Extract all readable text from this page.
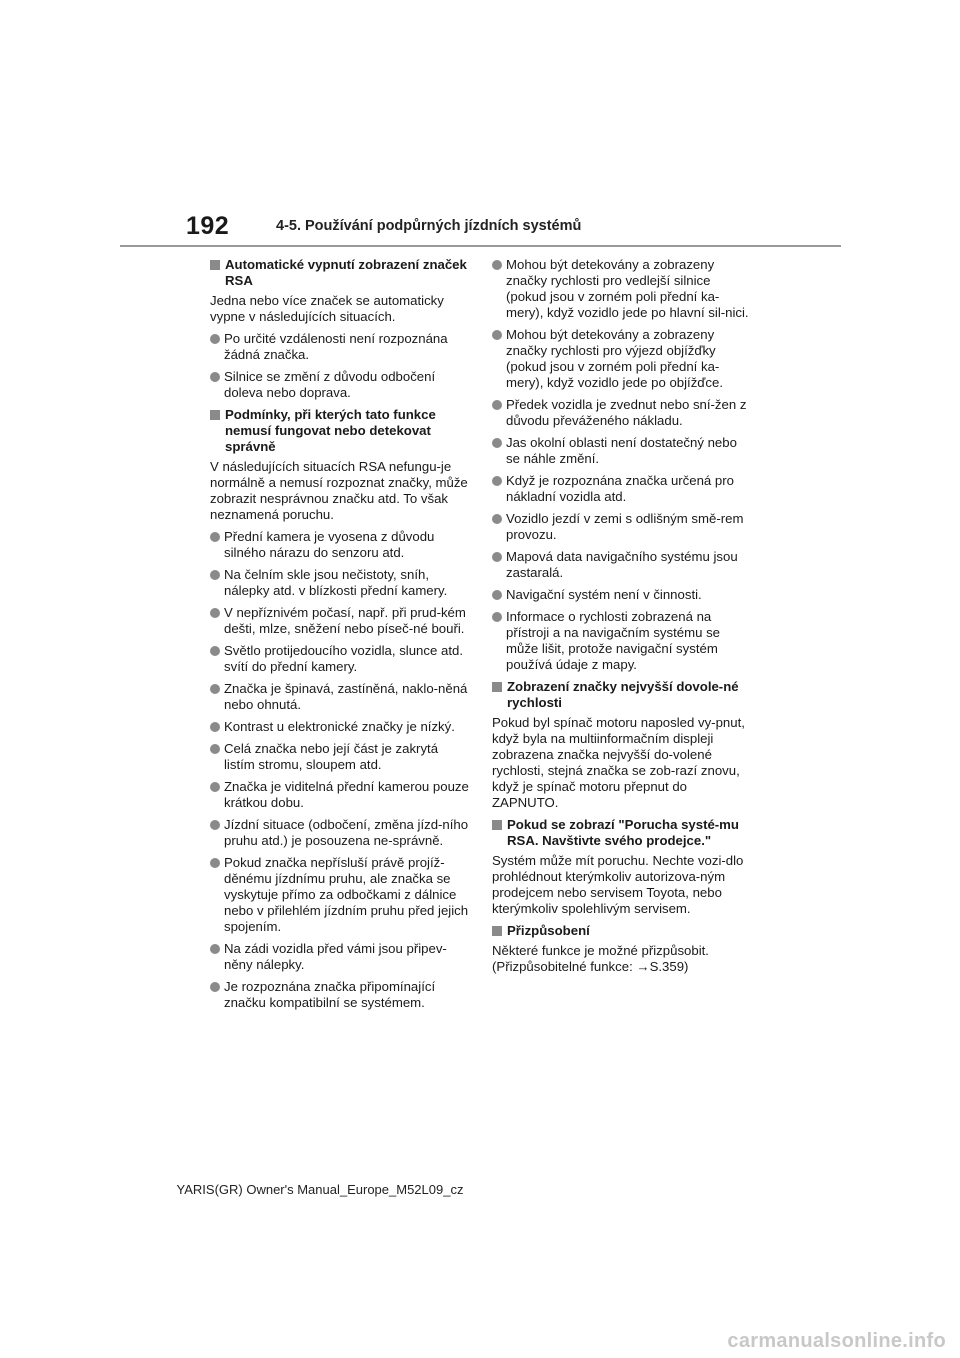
192	4-5. Používání podpůrných jízdních systémů
Automatické vypnutí zobrazení značek RSA
Jedna nebo více značek se automaticky vypne v následujících situacích.
Po určité vzdálenosti není rozpoznána žádná značka.
Silnice se změní z důvodu odbočení doleva nebo doprava.
Podmínky, při kterých tato funkce nemusí fungovat nebo detekovat správně
V následujících situacích RSA nefungu-je normálně a nemusí rozpoznat značky, může zobrazit nesprávnou značku atd. To však neznamená poruchu.
Přední kamera je vyosena z důvodu silného nárazu do senzoru atd.
Na čelním skle jsou nečistoty, sníh, nálepky atd. v blízkosti přední kamery.
V nepříznivém počasí, např. při prud-kém dešti, mlze, sněžení nebo píseč-né bouři.
Světlo protijedoucího vozidla, slunce atd. svítí do přední kamery.
Značka je špinavá, zastíněná, naklo-něná nebo ohnutá.
Kontrast u elektronické značky je nízký.
Celá značka nebo její část je zakrytá listím stromu, sloupem atd.
Značka je viditelná přední kamerou pouze krátkou dobu.
Jízdní situace (odbočení, změna jízd-ního pruhu atd.) je posouzena ne-správně.
Pokud značka nepřísluší právě projíž-děnému jízdnímu pruhu, ale značka se vyskytuje přímo za odbočkami z dálnice nebo v přilehlém jízdním pruhu před jejich spojením.
Na zádi vozidla před vámi jsou připev-něny nálepky.
Je rozpoznána značka připomínající značku kompatibilní se systémem.
Mohou být detekovány a zobrazeny značky rychlosti pro vedlejší silnice (pokud jsou v zorném poli přední ka-mery), když vozidlo jede po hlavní sil-nici.
Mohou být detekovány a zobrazeny značky rychlosti pro výjezd objížďky (pokud jsou v zorném poli přední ka-mery), když vozidlo jede po objížďce.
Předek vozidla je zvednut nebo sní-žen z důvodu převáženého nákladu.
Jas okolní oblasti není dostatečný nebo se náhle změní.
Když je rozpoznána značka určená pro nákladní vozidla atd.
Vozidlo jezdí v zemi s odlišným smě-rem provozu.
Mapová data navigačního systému jsou zastaralá.
Navigační systém není v činnosti.
Informace o rychlosti zobrazená na přístroji a na navigačním systému se může lišit, protože navigační systém používá údaje z mapy.
Zobrazení značky nejvyšší dovole-né rychlosti
Pokud byl spínač motoru naposled vy-pnut, když byla na multiinformačním displeji zobrazena značka nejvyšší do-volené rychlosti, stejná značka se zob-razí znovu, když je spínač motoru přepnut do ZAPNUTO.
Pokud se zobrazí "Porucha systé-mu RSA. Navštivte svého prodejce."
Systém může mít poruchu. Nechte vozi-dlo prohlédnout kterýmkoliv autorizova-ným prodejcem nebo servisem Toyota, nebo kterýmkoliv spolehlivým servisem.
Přizpůsobení
Některé funkce je možné přizpůsobit. (Přizpůsobitelné funkce: →S.359)
YARIS(GR) Owner's Manual_Europe_M52L09_cz
carmanualsonline.info
